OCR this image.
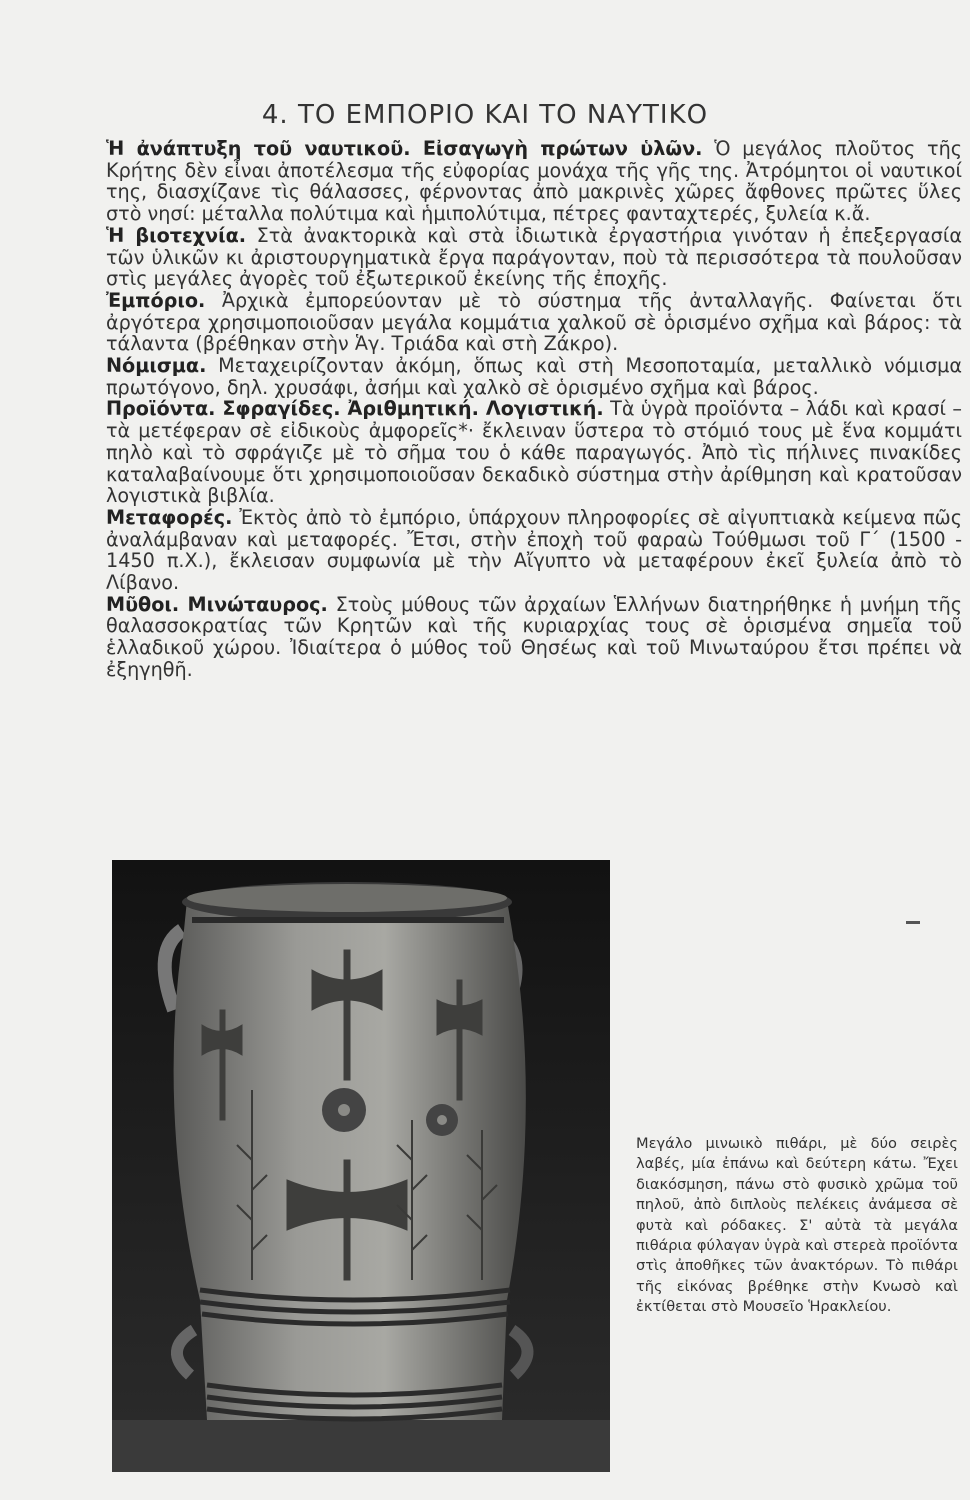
4. ΤΟ ΕΜΠΟΡΙΟ ΚΑΙ ΤΟ ΝΑΥΤΙΚΟ

Ἡ ἀνάπτυξη τοῦ ναυτικοῦ. Εἰσαγωγὴ πρώτων ὑλῶν. Ὁ μεγάλος πλοῦτος τῆς Κρήτης δὲν εἶναι ἀποτέλεσμα τῆς εὐφορίας μονάχα τῆς γῆς της. Ἀτρόμητοι οἱ ναυτικοί της, διασχίζανε τὶς θάλασσες, φέρνοντας ἀπὸ μακρινὲς χῶρες ἄφθονες πρῶτες ὕλες στὸ νησί: μέταλλα πολύτιμα καὶ ἡμιπολύτιμα, πέτρες φανταχτερές, ξυλεία κ.ἄ.

Ἡ βιοτεχνία. Στὰ ἀνακτορικὰ καὶ στὰ ἰδιωτικὰ ἐργαστήρια γινόταν ἡ ἐπεξεργασία τῶν ὑλικῶν κι ἀριστουργηματικὰ ἔργα παράγονταν, ποὺ τὰ περισσότερα τὰ πουλοῦσαν στὶς μεγάλες ἀγορὲς τοῦ ἐξωτερικοῦ ἐκείνης τῆς ἐποχῆς.

Ἐμπόριο. Ἀρχικὰ ἐμπορεύονταν μὲ τὸ σύστημα τῆς ἀνταλλαγῆς. Φαίνεται ὅτι ἀργότερα χρησιμοποιοῦσαν μεγάλα κομμάτια χαλκοῦ σὲ ὁρισμένο σχῆμα καὶ βάρος: τὰ τάλαντα (βρέθηκαν στὴν Ἁγ. Τριάδα καὶ στὴ Ζάκρο).

Νόμισμα. Μεταχειρίζονταν ἀκόμη, ὅπως καὶ στὴ Μεσοποταμία, μεταλλικὸ νόμισμα πρωτόγονο, δηλ. χρυσάφι, ἀσήμι καὶ χαλκὸ σὲ ὁρισμένο σχῆμα καὶ βάρος.

Προϊόντα. Σφραγίδες. Ἀριθμητική. Λογιστική. Τὰ ὑγρὰ προϊόντα – λάδι καὶ κρασί – τὰ μετέφεραν σὲ εἰδικοὺς ἀμφορεῖς*· ἔκλειναν ὕστερα τὸ στόμιό τους μὲ ἕνα κομμάτι πηλὸ καὶ τὸ σφράγιζε μὲ τὸ σῆμα του ὁ κάθε παραγωγός. Ἀπὸ τὶς πήλινες πινακίδες καταλαβαίνουμε ὅτι χρησιμοποιοῦσαν δεκαδικὸ σύστημα στὴν ἀρίθμηση καὶ κρατοῦσαν λογιστικὰ βιβλία.

Μεταφορές. Ἐκτὸς ἀπὸ τὸ ἐμπόριο, ὑπάρχουν πληροφορίες σὲ αἰγυπτιακὰ κείμενα πῶς ἀναλάμβαναν καὶ μεταφορές. Ἔτσι, στὴν ἐποχὴ τοῦ φαραὼ Τούθμωσι τοῦ Γ΄ (1500 - 1450 π.Χ.), ἔκλεισαν συμφωνία μὲ τὴν Αἴγυπτο νὰ μεταφέρουν ἐκεῖ ξυλεία ἀπὸ τὸ Λίβανο.

Μῦθοι. Μινώταυρος. Στοὺς μύθους τῶν ἀρχαίων Ἑλλήνων διατηρήθηκε ἡ μνήμη τῆς θαλασσοκρατίας τῶν Κρητῶν καὶ τῆς κυριαρχίας τους σὲ ὁρισμένα σημεῖα τοῦ ἑλλαδικοῦ χώρου. Ἰδιαίτερα ὁ μύθος τοῦ Θησέως καὶ τοῦ Μινωταύρου ἔτσι πρέπει νὰ ἐξηγηθῆ.

Μεγάλο μινωικὸ πιθάρι, μὲ δύο σειρὲς λαβές, μία ἐπάνω καὶ δεύτερη κάτω. Ἔχει διακόσμηση, πάνω στὸ φυσικὸ χρῶμα τοῦ πηλοῦ, ἀπὸ διπλοὺς πελέκεις ἀνάμεσα σὲ φυτὰ καὶ ρόδακες. Σ' αὐτὰ τὰ μεγάλα πιθάρια φύλαγαν ὑγρὰ καὶ στερεὰ προϊόντα στὶς ἀποθῆκες τῶν ἀνακτόρων. Τὸ πιθάρι τῆς εἰκόνας βρέθηκε στὴν Κνωσὸ καὶ ἐκτίθεται στὸ Μουσεῖο Ἡρακλείου.
